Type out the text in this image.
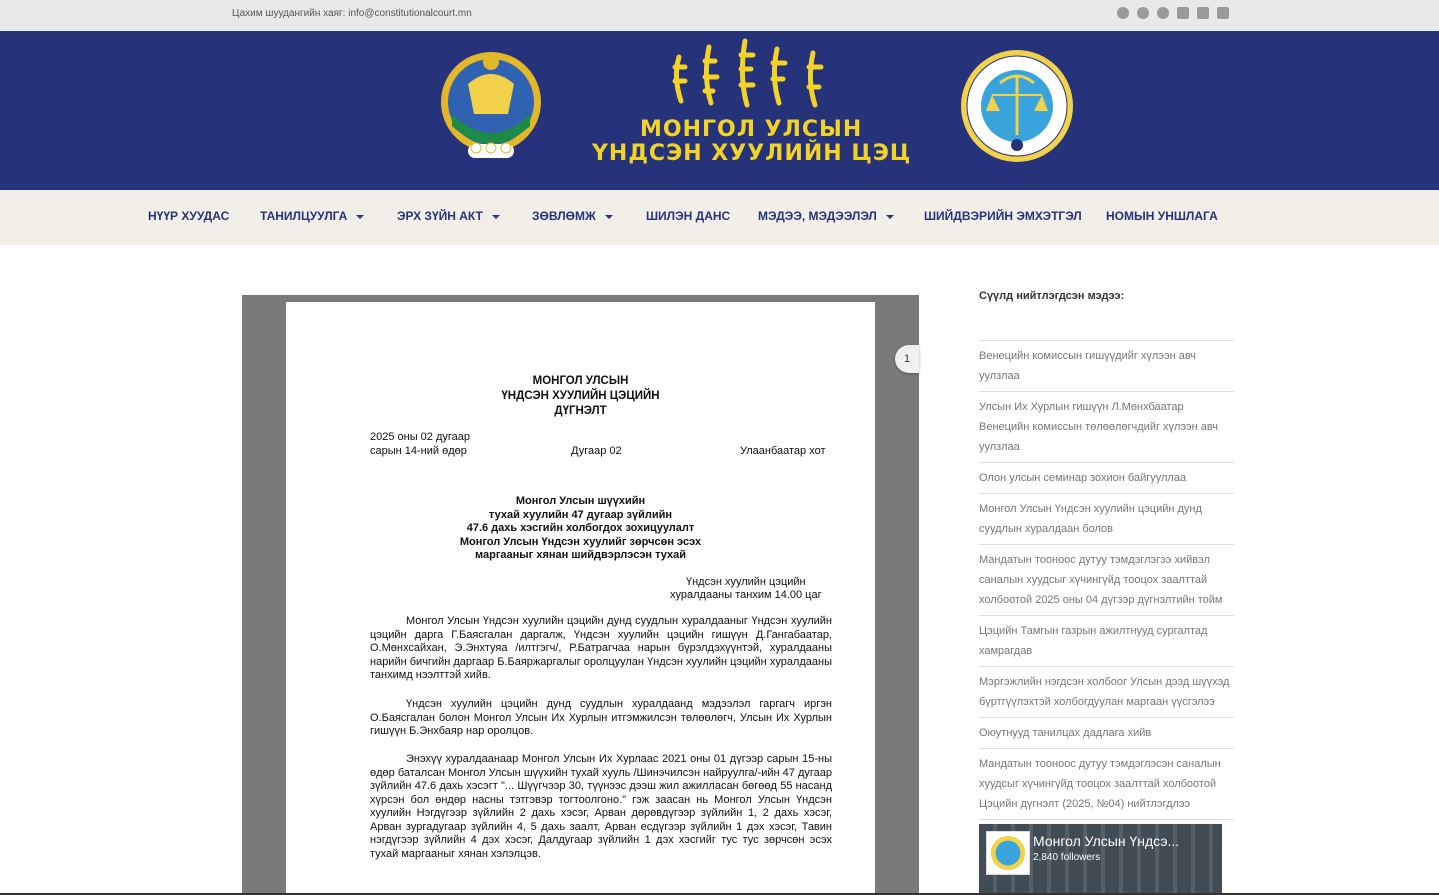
Цахим шуудангийн хаяг: info@constitutionalcourt.mn
МОНГОЛ УЛСЫН
ҮНДСЭН ХУУЛИЙН ЦЭЦ
НҮҮР ХУУДАС	ТАНИЛЦУУЛГА	ЭРХ ЗҮЙН АКТ	ЗӨВЛӨМЖ	ШИЛЭН ДАНС МЭДЭЭ, МЭДЭЭЛЭЛ	ШИЙДВЭРИЙН ЭМХЭТГЭЛ НОМЫН УНШЛАГА
МОНГОЛ УЛСЫН
ҮНДСЭН ХУУЛИЙН ЦЭЦИЙН
ДҮГНЭЛТ
2025 оны 02 дугаар
сарын 14-ний өдөр	Дугаар 02	Улаанбаатар хот
Монгол Улсын шүүхийн
тухай хуулийн 47 дугаар зүйлийн
47.6 дахь хэсгийн холбогдох зохицуулалт
Монгол Улсын Үндсэн хуулийг зөрчсөн эсэх
маргааныг хянан шийдвэрлэсэн тухай
Үндсэн хуулийн цэцийн
хуралдааны танхим 14.00 цаг
Монгол Улсын Үндсэн хуулийн цэцийн дунд суудлын хуралдааныг Үндсэн хуулийн цэцийн дарга Г.Баясгалан даргалж, Үндсэн хуулийн цэцийн гишүүн Д.Гангабаатар, О.Мөнхсайхан, Э.Энхтуяа /илтгэгч/, Р.Батрагчаа нарын бүрэлдэхүүнтэй, хуралдааны нарийн бичгийн даргаар Б.Баяржаргалыг оролцуулан Үндсэн хуулийн цэцийн хуралдааны танхимд нээлттэй хийв.
Үндсэн хуулийн цэцийн дунд суудлын хуралдаанд мэдээлэл гаргагч иргэн О.Баясгалан болон Монгол Улсын Их Хурлын итгэмжилсэн төлөөлөгч, Улсын Их Хурлын гишүүн Б.Энхбаяр нар оролцов.
Энэхүү хуралдаанаар Монгол Улсын Их Хурлаас 2021 оны 01 дүгээр сарын 15-ны өдөр баталсан Монгол Улсын шүүхийн тухай хууль /Шинэчилсэн найруулга/-ийн 47 дугаар зүйлийн 47.6 дахь хэсэгт "... Шүүгчээр 30, түүнээс дээш жил ажилласан бөгөөд 55 насанд хүрсэн бол өндөр насны тэтгэвэр тогтоолгоно." гэж заасан нь Монгол Улсын Үндсэн хуулийн Нэгдүгээр зүйлийн 2 дахь хэсэг, Арван дөрөвдүгээр зүйлийн 1, 2 дахь хэсэг, Арван зургадугаар зүйлийн 4, 5 дахь заалт, Арван есдүгээр зүйлийн 1 дэх хэсэг, Тавин нэгдүгээр зүйлийн 4 дэх хэсэг, Далдугаар зүйлийн 1 дэх хэсгийг тус тус зөрчсөн эсэх тухай маргааныг хянан хэлэлцэв.
1
Сүүлд нийтлэгдсэн мэдээ:
Венецийн комиссын гишүүдийг хүлээн авч уулзлаа
Улсын Их Хурлын гишүүн Л.Мөнхбаатар Венецийн комиссын төлөөлөгчдийг хүлээн авч уулзлаа
Олон улсын семинар зохион байгууллаа
Монгол Улсын Үндсэн хуулийн цэцийн дунд суудлын хуралдаан болов
Мандатын тооноос дутуу тэмдэглэгээ хийвэл саналын хуудсыг хүчингүйд тооцох заалттай холбоотой 2025 оны 04 дүгээр дүгнэлтийн тойм
Цэцийн Тамгын газрын ажилтнууд сургалтад хамрагдав
Мэргэжлийн нэгдсэн холбоог Улсын дээд шүүхэд бүртгүүлэхтэй холбогдуулан маргаан үүсгэлээ
Оюутнууд танилцах дадлага хийв
Мандатын тооноос дутуу тэмдэглэсэн саналын хуудсыг хүчингүйд тооцох заалттай холбоотой Цэцийн дүгнэлт (2025, №04) нийтлэгдлээ
Монгол Улсын Үндсэ...
2,840 followers
